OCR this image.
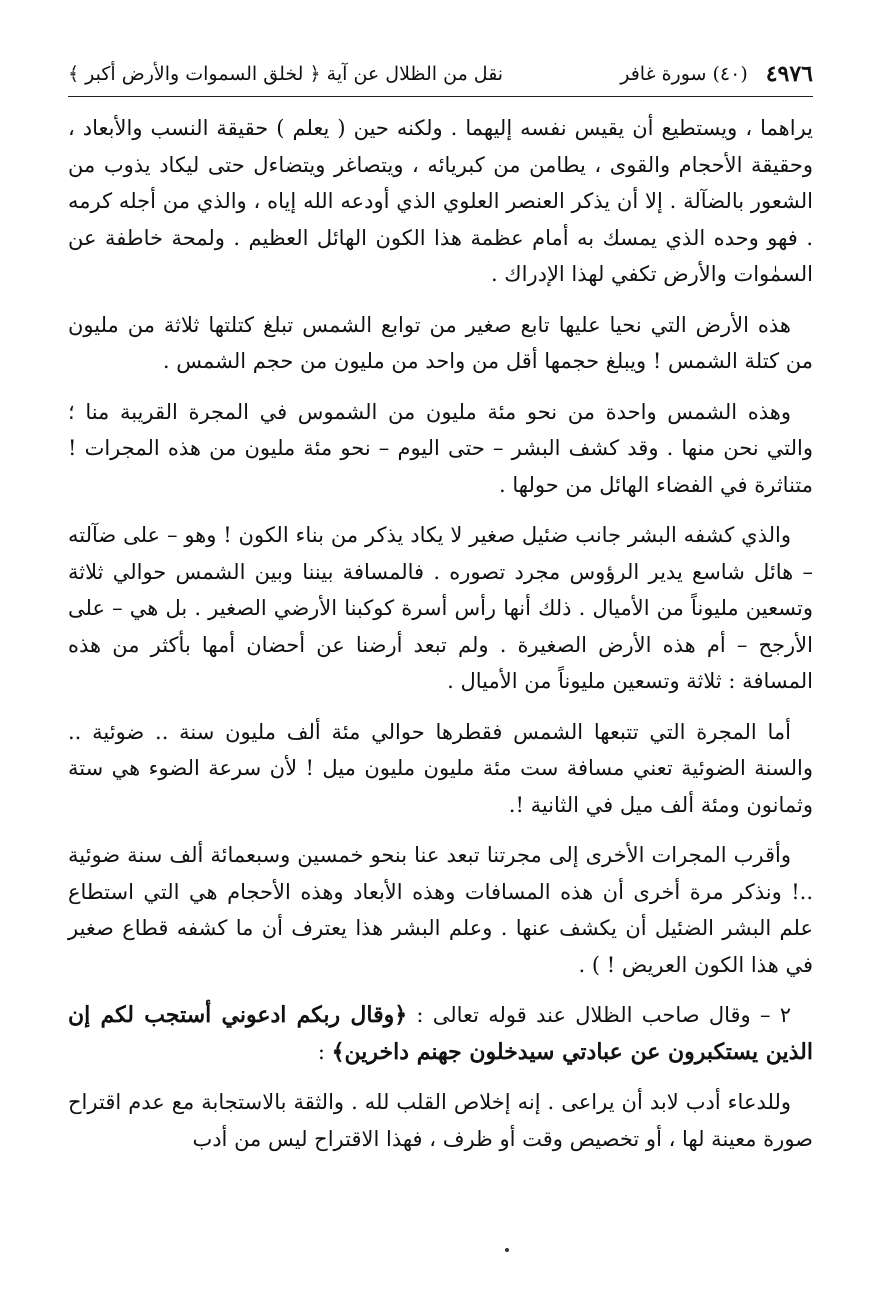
٤٩٧٦
(٤٠) سورة غافر
نقل من الظلال عن آية ﴿ لخلق السموات والأرض أكبر ﴾

يراهما ، ويستطيع أن يقيس نفسه إليهما . ولكنه حين ( يعلم ) حقيقة النسب والأبعاد ، وحقيقة الأحجام والقوى ، يطامن من كبريائه ، ويتصاغر ويتضاءل حتى ليكاد يذوب من الشعور بالضآلة . إلا أن يذكر العنصر العلوي الذي أودعه الله إياه ، والذي من أجله كرمه . فهو وحده الذي يمسك به أمام عظمة هذا الكون الهائل العظيم . ولمحة خاطفة عن السمٰوات والأرض تكفي لهذا الإدراك .

هذه الأرض التي نحيا عليها تابع صغير من توابع الشمس تبلغ كتلتها ثلاثة من مليون من كتلة الشمس ! ويبلغ حجمها أقل من واحد من مليون من حجم الشمس .

وهذه الشمس واحدة من نحو مئة مليون من الشموس في المجرة القريبة منا ؛ والتي نحن منها . وقد كشف البشر – حتى اليوم – نحو مئة مليون من هذه المجرات ! متناثرة في الفضاء الهائل من حولها .

والذي كشفه البشر جانب ضئيل صغير لا يكاد يذكر من بناء الكون ! وهو – على ضآلته – هائل شاسع يدير الرؤوس مجرد تصوره . فالمسافة بيننا وبين الشمس حوالي ثلاثة وتسعين مليوناً من الأميال . ذلك أنها رأس أسرة كوكبنا الأرضي الصغير . بل هي – على الأرجح – أم هذه الأرض الصغيرة . ولم تبعد أرضنا عن أحضان أمها بأكثر من هذه المسافة : ثلاثة وتسعين مليوناً من الأميال .

أما المجرة التي تتبعها الشمس فقطرها حوالي مئة ألف مليون سنة .. ضوئية .. والسنة الضوئية تعني مسافة ست مئة مليون مليون ميل ! لأن سرعة الضوء هي ستة وثمانون ومئة ألف ميل في الثانية !.

وأقرب المجرات الأخرى إلى مجرتنا تبعد عنا بنحو خمسين وسبعمائة ألف سنة ضوئية ..! ونذكر مرة أخرى أن هذه المسافات وهذه الأبعاد وهذه الأحجام هي التي استطاع علم البشر الضئيل أن يكشف عنها . وعلم البشر هذا يعترف أن ما كشفه قطاع صغير في هذا الكون العريض ! ) .

٢ – وقال صاحب الظلال عند قوله تعالى : ﴿وقال ربكم ادعوني أستجب لكم إن الذين يستكبرون عن عبادتي سيدخلون جهنم داخرين﴾ :

وللدعاء أدب لابد أن يراعى . إنه إخلاص القلب لله . والثقة بالاستجابة مع عدم اقتراح صورة معينة لها ، أو تخصيص وقت أو ظرف ، فهذا الاقتراح ليس من أدب
